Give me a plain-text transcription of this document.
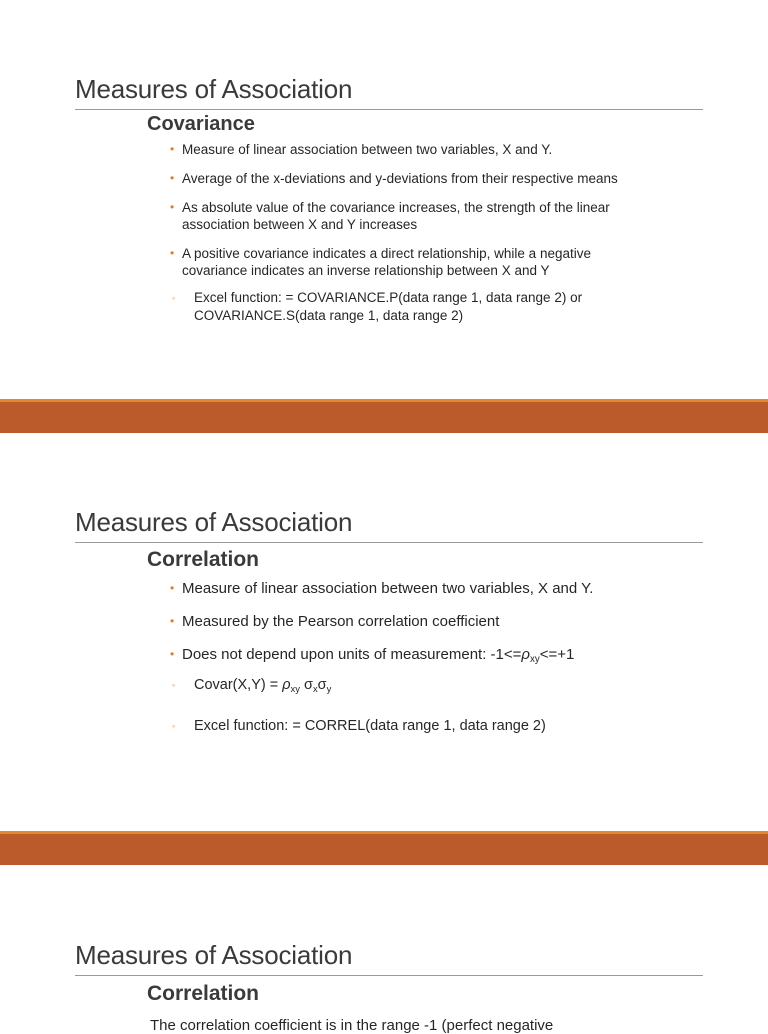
Measures of Association
Covariance
• Measure of linear association between two variables, X and Y.
• Average of the x-deviations and y-deviations from their respective means
• As absolute value of the covariance increases, the strength of the linear association between X and Y increases
• A positive covariance indicates a direct relationship, while a negative covariance indicates an inverse relationship between X and Y
◦ Excel function: = COVARIANCE.P(data range 1, data range 2) or COVARIANCE.S(data range 1, data range 2)
Measures of Association
Correlation
• Measure of linear association between two variables, X and Y.
• Measured by the Pearson correlation coefficient
• Does not depend upon units of measurement: $-1<=\rho_{xy}<=+1$
◦ Covar(X,Y) = $\rho_{xy}$ $\sigma_x\sigma_y$
◦ Excel function: = CORREL(data range 1, data range 2)
Measures of Association
Correlation
The correlation coefficient is in the range -1 (perfect negative
